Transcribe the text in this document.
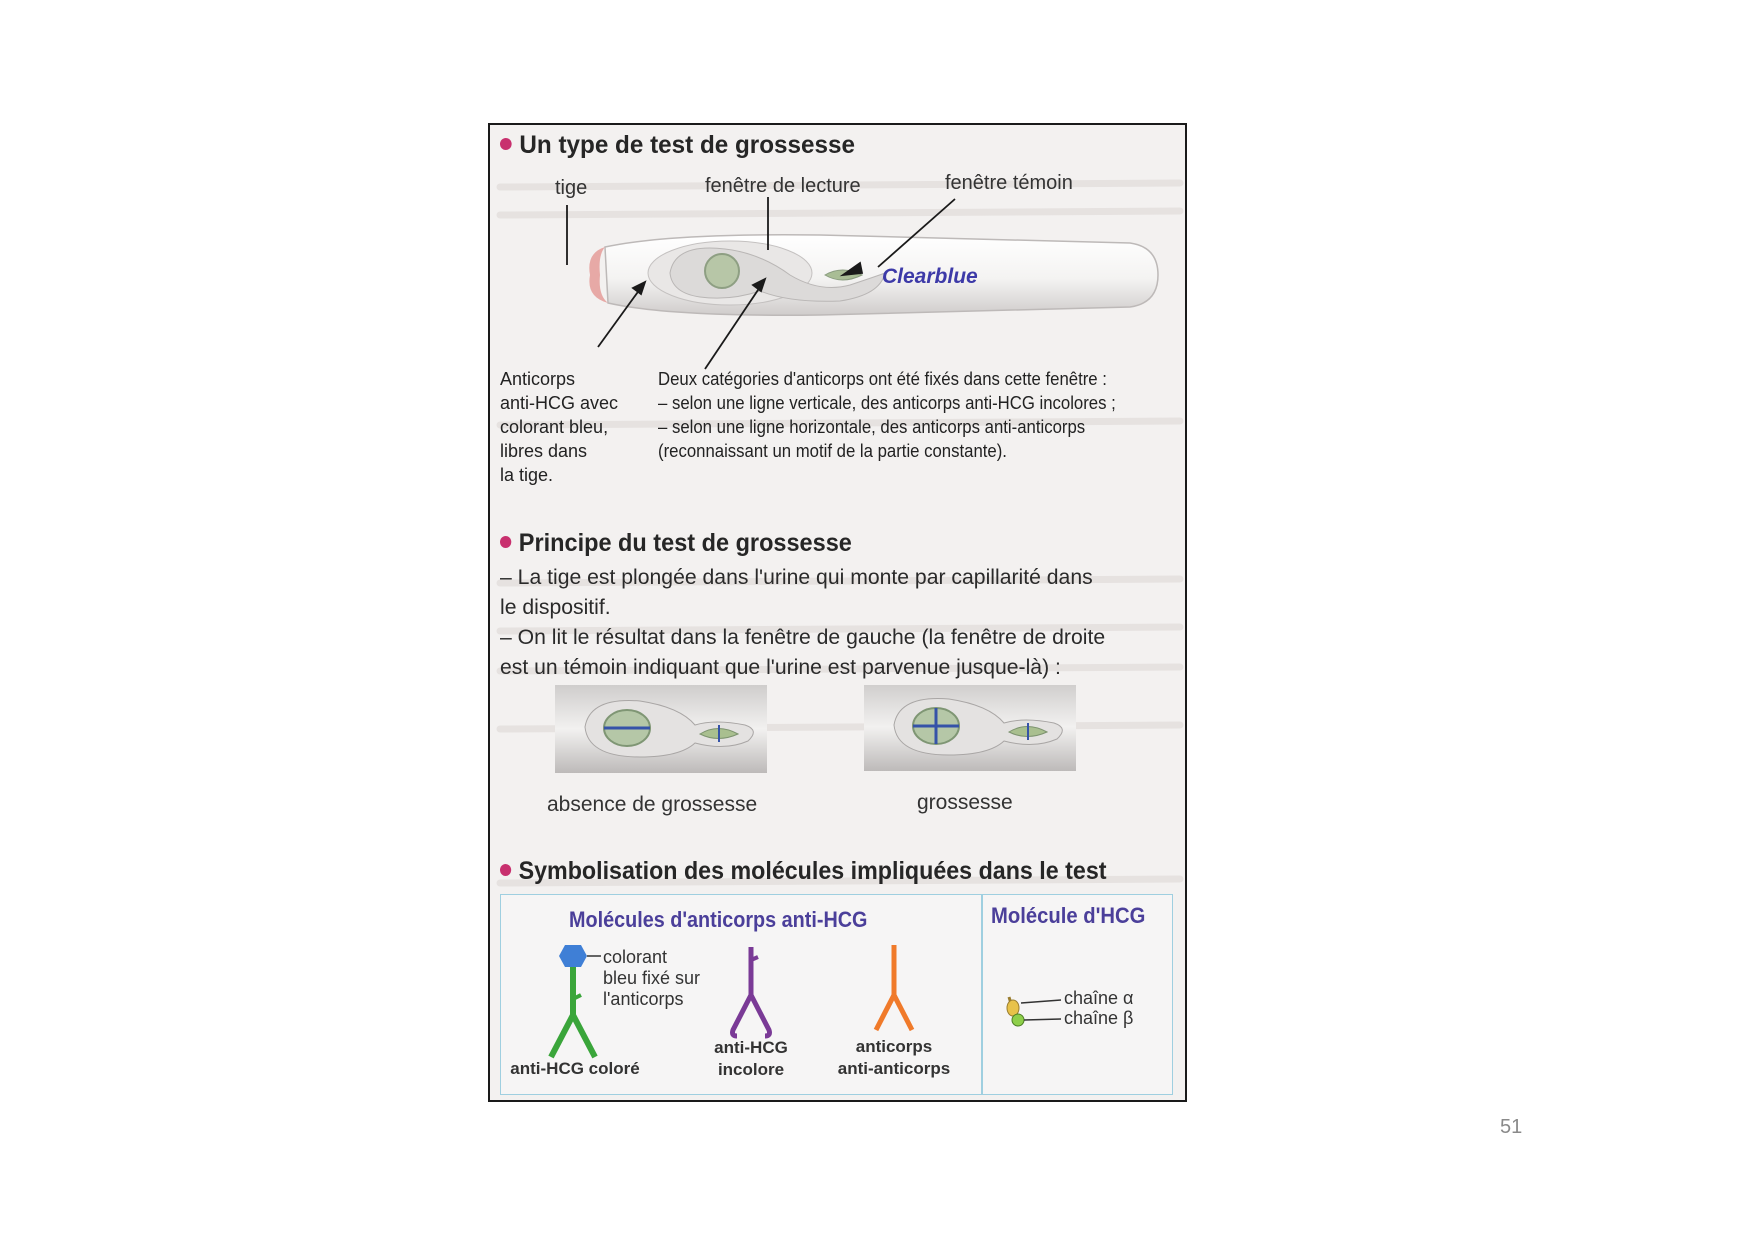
Un type de test de grossesse
tige	fenêtre de lecture	fenêtre témoin
Clearblue
Anticorps
anti-HCG avec
colorant bleu,
libres dans
la tige.
Deux catégories d'anticorps ont été fixés dans cette fenêtre :
– selon une ligne verticale, des anticorps anti-HCG incolores ;
– selon une ligne horizontale, des anticorps anti-anticorps
(reconnaissant un motif de la partie constante).
Principe du test de grossesse
– La tige est plongée dans l'urine qui monte par capillarité dans
le dispositif.
– On lit le résultat dans la fenêtre de gauche (la fenêtre de droite
est un témoin indiquant que l'urine est parvenue jusque-là) :
absence de grossesse	grossesse
Symbolisation des molécules impliquées dans le test
Molécules d'anticorps anti-HCG	Molécule d'HCG
colorant
bleu fixé sur
l'anticorps
anti-HCG coloré
anti-HCG
incolore
anticorps
anti-anticorps
chaîne α
chaîne β
51
